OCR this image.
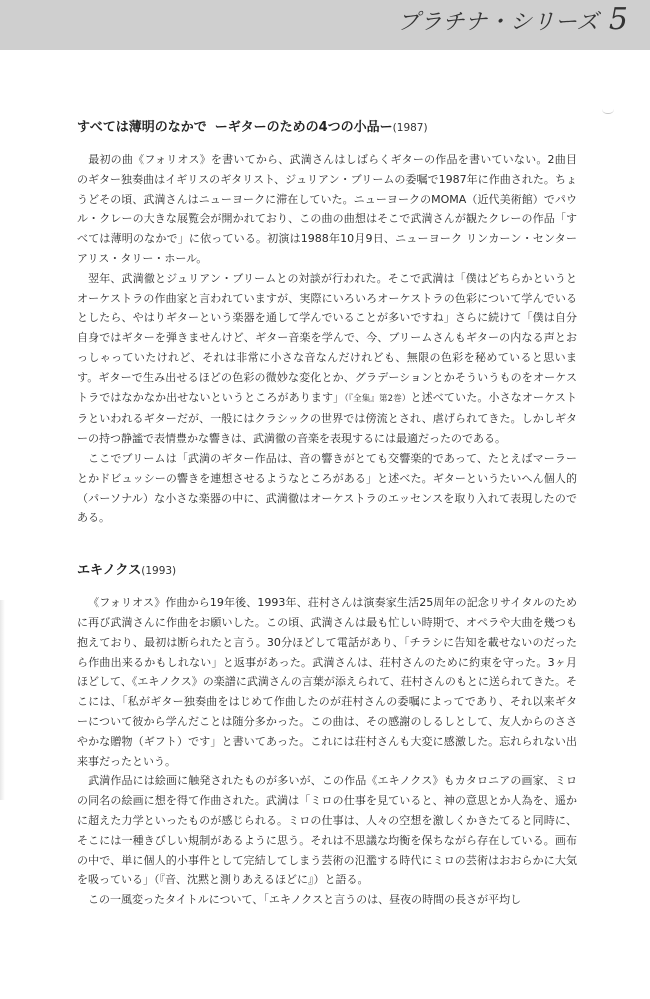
プラチナ・シリーズ 5
すべては薄明のなかで ーギターのための4つの小品ー(1987)

最初の曲《フォリオス》を書いてから、武満さんはしばらくギターの作品を書いていない。2曲目のギター独奏曲はイギリスのギタリスト、ジュリアン・ブリームの委嘱で1987年に作曲された。ちょうどその頃、武満さんはニューヨークに滞在していた。ニューヨークのMOMA（近代美術館）でパウル・クレーの大きな展覧会が開かれており、この曲の曲想はそこで武満さんが観たクレーの作品「すべては薄明のなかで」に依っている。初演は1988年10月9日、ニューヨーク リンカーン・センター アリス・タリー・ホール。

翌年、武満徹とジュリアン・ブリームとの対談が行われた。そこで武満は「僕はどちらかというとオーケストラの作曲家と言われていますが、実際にいろいろオーケストラの色彩について学んでいるとしたら、やはりギターという楽器を通して学んでいることが多いですね」さらに続けて「僕は自分自身ではギターを弾きませんけど、ギター音楽を学んで、今、ブリームさんもギターの内なる声とおっしゃっていたけれど、それは非常に小さな音なんだけれども、無限の色彩を秘めていると思います。ギターで生み出せるほどの色彩の微妙な変化とか、グラデーションとかそういうものをオーケストラではなかなか出せないというところがあります」（『全集』第2巻）と述べていた。小さなオーケストラといわれるギターだが、一般にはクラシックの世界では傍流とされ、虐げられてきた。しかしギターの持つ静謐で表情豊かな響きは、武満徹の音楽を表現するには最適だったのである。

ここでブリームは「武満のギター作品は、音の響きがとても交響楽的であって、たとえばマーラーとかドビュッシーの響きを連想させるようなところがある」と述べた。ギターというたいへん個人的（パーソナル）な小さな楽器の中に、武満徹はオーケストラのエッセンスを取り入れて表現したのである。

エキノクス(1993)

《フォリオス》作曲から19年後、1993年、荘村さんは演奏家生活25周年の記念リサイタルのために再び武満さんに作曲をお願いした。この頃、武満さんは最も忙しい時期で、オペラや大曲を幾つも抱えており、最初は断られたと言う。30分ほどして電話があり、「チラシに告知を載せないのだったら作曲出来るかもしれない」と返事があった。武満さんは、荘村さんのために約束を守った。3ヶ月ほどして、《エキノクス》の楽譜に武満さんの言葉が添えられて、荘村さんのもとに送られてきた。そこには、「私がギター独奏曲をはじめて作曲したのが荘村さんの委嘱によってであり、それ以来ギターについて彼から学んだことは随分多かった。この曲は、その感謝のしるしとして、友人からのささやかな贈物（ギフト）です」と書いてあった。これには荘村さんも大変に感激した。忘れられない出来事だったという。

武満作品には絵画に触発されたものが多いが、この作品《エキノクス》もカタロニアの画家、ミロの同名の絵画に想を得て作曲された。武満は「ミロの仕事を見ていると、神の意思とか人為を、遥かに超えた力学といったものが感じられる。ミロの仕事は、人々の空想を激しくかきたてると同時に、そこには一種きびしい規制があるように思う。それは不思議な均衡を保ちながら存在している。画布の中で、単に個人的小事件として完結してしまう芸術の氾濫する時代にミロの芸術はおおらかに大気を吸っている」（『音、沈黙と測りあえるほどに』）と語る。

この一風変ったタイトルについて、「エキノクスと言うのは、昼夜の時間の長さが平均し
